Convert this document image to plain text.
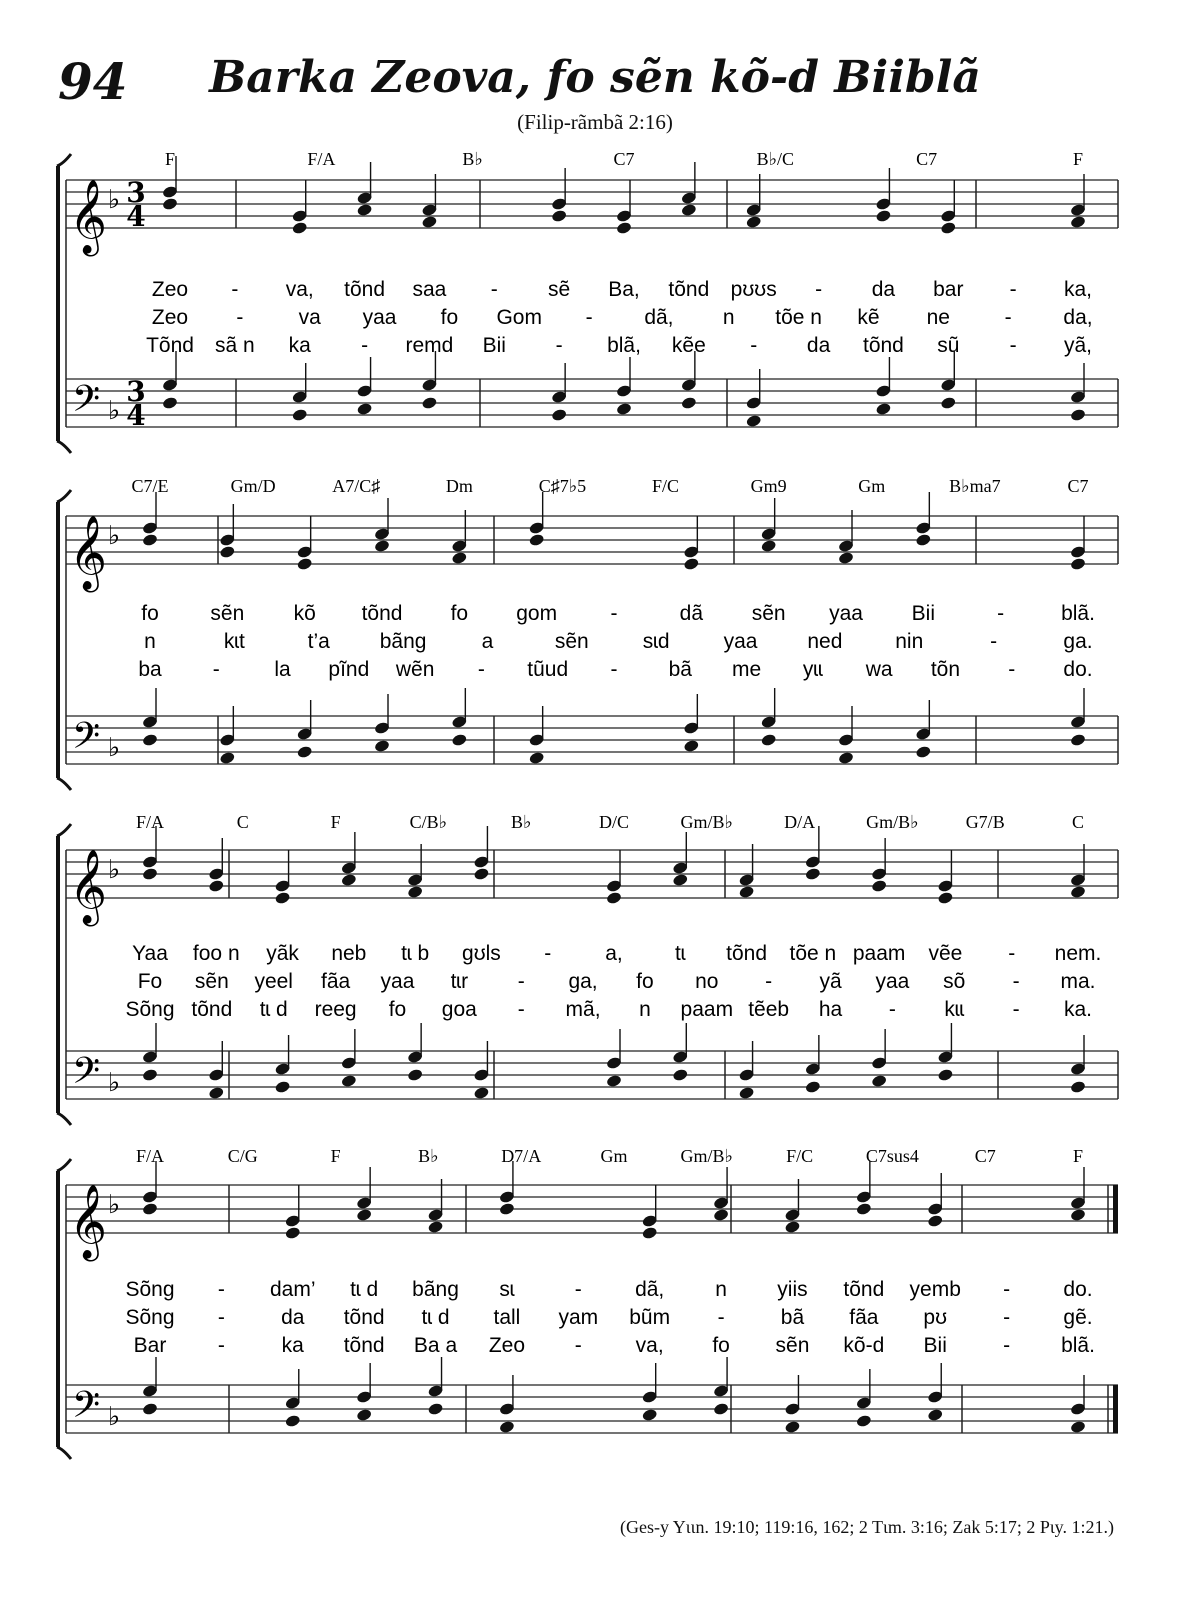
94	Barka Zeova, fo sẽn kõ-d Biiblã
(Filip-rãmbã 2:16)
𝄞 ♭ 3
4
𝄢 ♭
3
4
F	F/A	B♭	C7	B♭/C	C7	F
Zeo - va, tõnd saa - sẽ Ba, tõnd pʊʊs - da bar - ka,
Zeo -	va yaa fo Gom - dã, n tõe n kẽ ne	- da,
Tõnd sã n ka - remd Bii - blã, kẽe - da tõnd sũ - yã,
𝄞 ♭
𝄢 ♭
C7/E	Gm/D	A7/C♯	Dm	C♯7♭5	F/C	Gm9	Gm	B♭ma7	C7
fo sẽn kõ tõnd fo gom	-	dã sẽn yaa Bii	-	blã.
n	kɩt	t’a bãng	a	sẽn	sɩd	yaa ned	nin	-	ga.
ba -	la pĩnd wẽn - tũud - bã me yɩɩ wa tõn - do.
𝄞 ♭
𝄢 ♭
F/A	C	F	C/B♭	B♭	D/C	Gm/B♭	D/A	Gm/B♭	G7/B	C
Yaa foo n yãk neb tɩ b gʊls -	a, tɩ tõnd tõe n paam vẽe - nem.
Fo sẽn yeel fãa yaa tɩr - ga, fo no - yã yaa sõ - ma.
Sõng tõnd tɩ d reeg fo goa - mã, n paam tẽeb ha - kɩɩ - ka.
𝄞 ♭
𝄢 ♭
F/A	C/G	F	B♭	D7/A	Gm	Gm/B♭	F/C	C7sus4	C7	F
Sõng - dam’ tɩ d bãng sɩ	-	dã, n yiis tõnd yemb -	do.
Sõng -	da tõnd tɩ d tall yam bũm -	bã fãa pʊ	-	gẽ.
Bar -	ka tõnd Ba a Zeo -	va, fo sẽn kõ-d Bii	- blã.
(Ges-y Yɩɩn. 19:10; 119:16, 162; 2 Tɩm. 3:16; Zak 5:17; 2 Pɩy. 1:21.)
